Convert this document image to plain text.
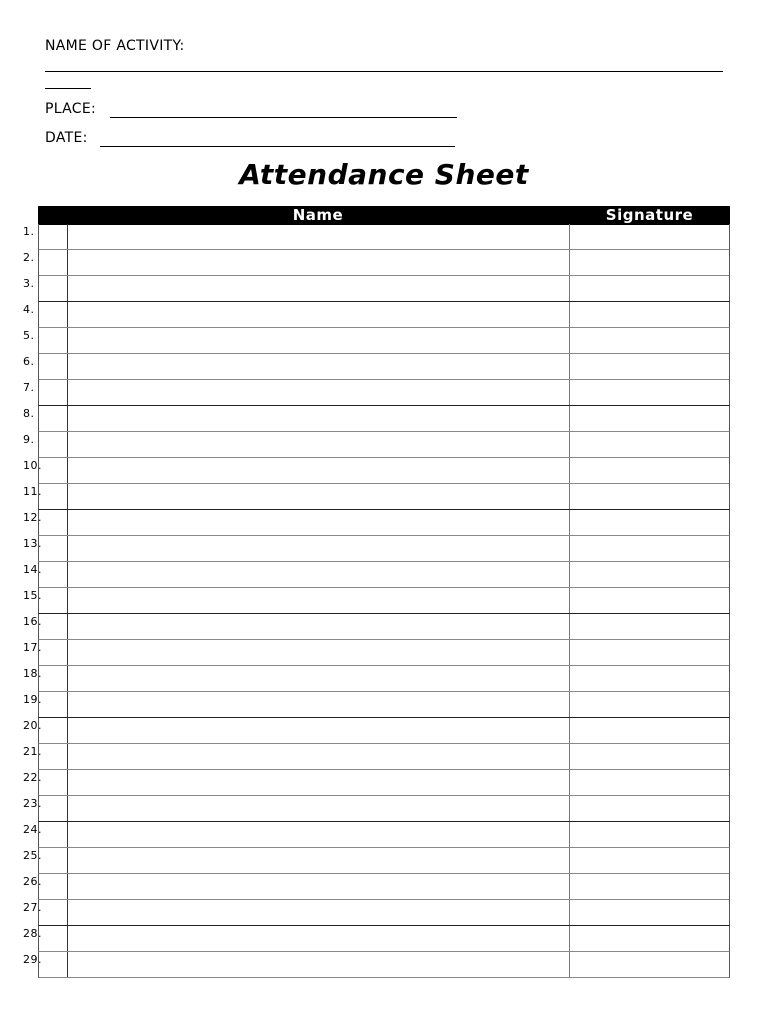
NAME OF ACTIVITY:
PLACE:
DATE:
Attendance Sheet
Name	Signature
1.
2.
3.
4.
5.
6.
7.
8.
9.
10.
11.
12.
13.
14.
15.
16.
17.
18.
19.
20.
21.
22.
23.
24.
25.
26.
27.
28.
29.
